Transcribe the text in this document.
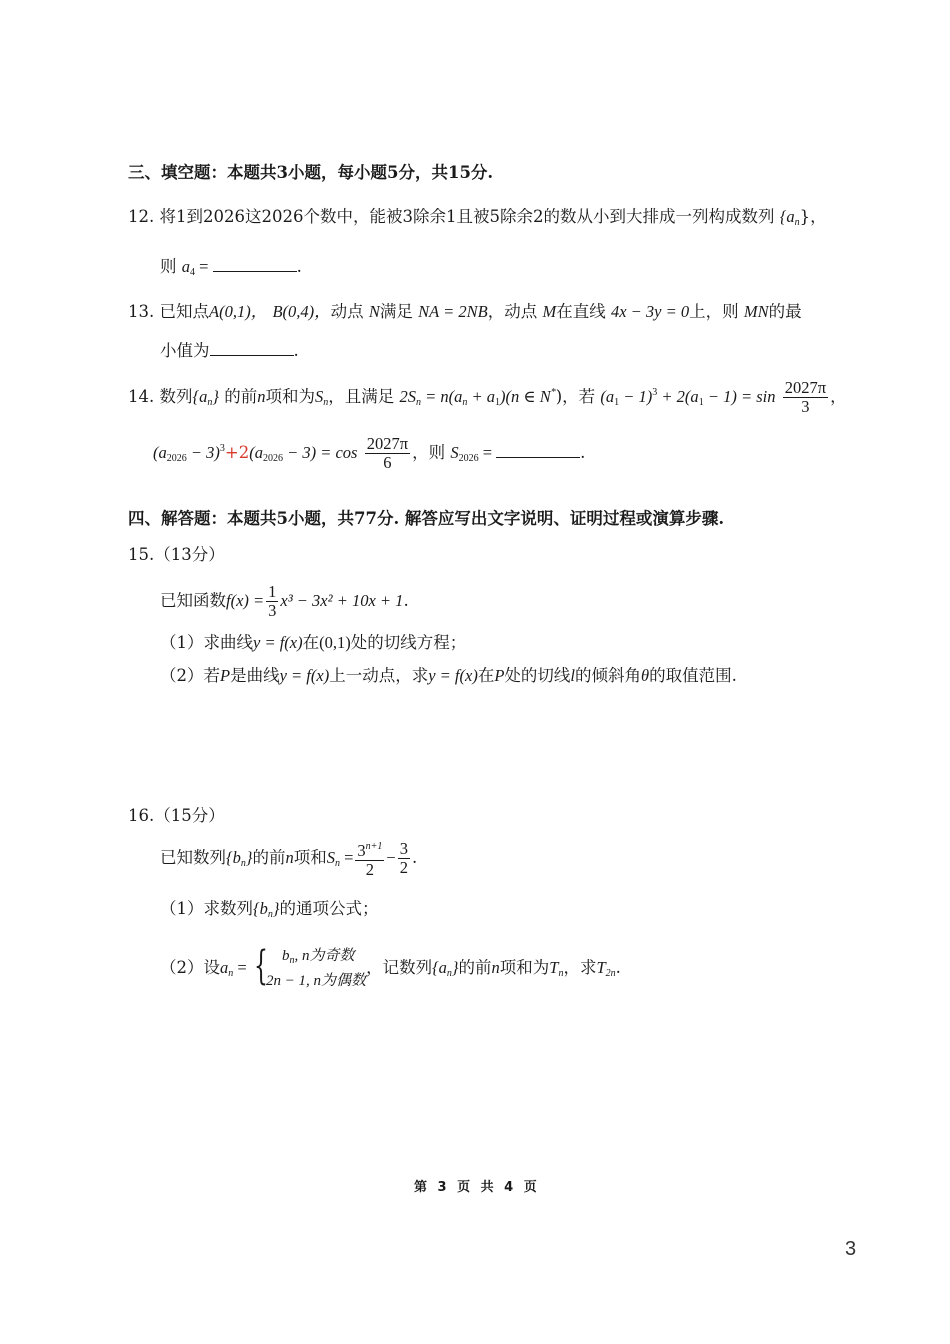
三、填空题：本题共3小题，每小题5分，共15分.
12. 将1到2026这2026个数中，能被3除余1且被5除余2的数从小到大排成一列构成数列 $\{a_n\}$，
则 $a_4$ =	.
13. 已知点A(0,1)， B(0,4)，动点 N满足 NA = 2NB，动点 M在直线 4x − 3y = 0上，则 MN的最
小值为	.
14. 数列$\{a_n\}$ 的前n项和为$S_n$，且满足 $2S_n = n(a_n + a_1)(n$ ∈ N*)，若 $(a_1 - 1)^3 + 2(a_1 - 1) = \sin \frac{2027\pi}{3}$ ，
$(a_{2026} - 3)^3+2(a_{2026} - 3) = \cos \frac{2027\pi}{6}$ ，则 $S_{2026}$ =	.
四、解答题：本题共5小题，共77分. 解答应写出文字说明、证明过程或演算步骤.
15.（13分）
已知函数$f(x) = \frac{1}{3} x^3 - 3x^2 + 10x + 1$.
（1）求曲线y = f(x)在(0,1)处的切线方程；
（2）若P是曲线y = f(x)上一动点，求y = f(x)在P处的切线l的倾斜角θ的取值范围.
16.（15分）
已知数列$\{b_n\}$的前n项和$S_n = \frac{3^{n+1}}{2} - \frac{3}{2}$ .
（1）求数列$\{b_n\}$的通项公式；
（2）设$a_n$ = { $b_n$, n为奇数
2n − 1, n为偶数
，记数列$\{a_n\}$的前n项和为$T_n$，求$T_{2n}$.
第 3 页 共 4 页
3
